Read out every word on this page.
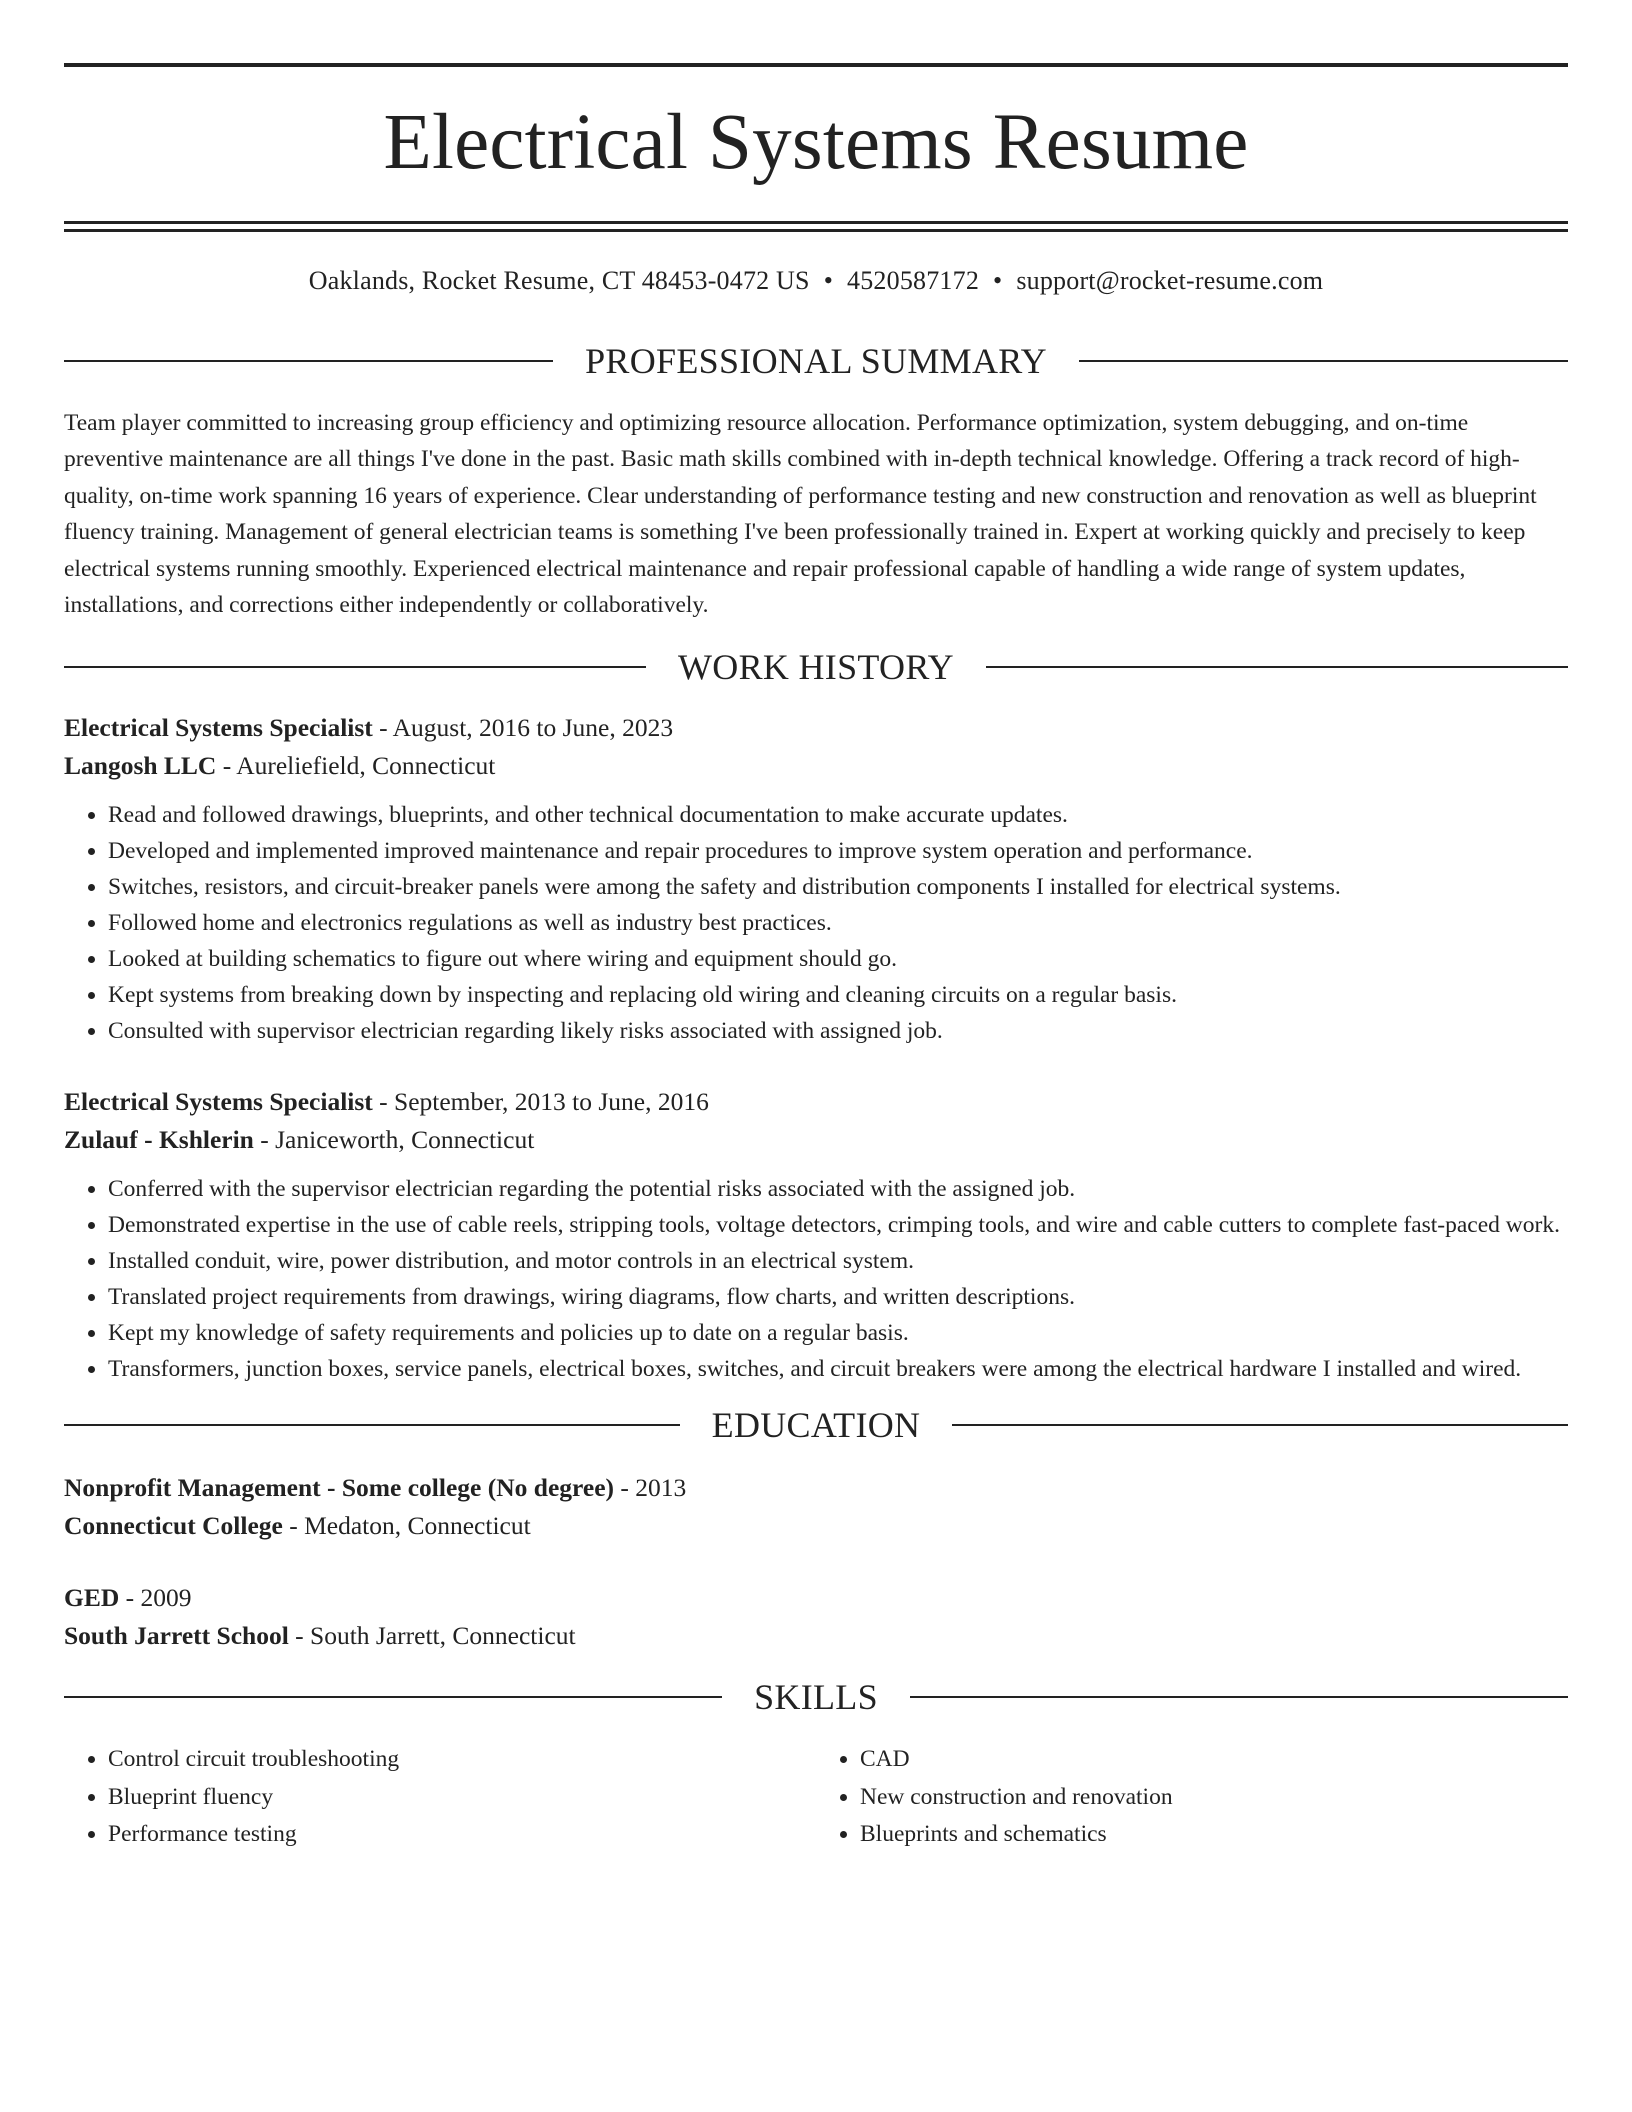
Electrical Systems Resume
Oaklands, Rocket Resume, CT 48453-0472 US • 4520587172 • support@rocket-resume.com
PROFESSIONAL SUMMARY
Team player committed to increasing group efficiency and optimizing resource allocation. Performance optimization, system debugging, and on-time preventive maintenance are all things I've done in the past. Basic math skills combined with in-depth technical knowledge. Offering a track record of high-quality, on-time work spanning 16 years of experience. Clear understanding of performance testing and new construction and renovation as well as blueprint fluency training. Management of general electrician teams is something I've been professionally trained in. Expert at working quickly and precisely to keep electrical systems running smoothly. Experienced electrical maintenance and repair professional capable of handling a wide range of system updates, installations, and corrections either independently or collaboratively.
WORK HISTORY
Electrical Systems Specialist - August, 2016 to June, 2023
Langosh LLC - Aureliefield, Connecticut
• Read and followed drawings, blueprints, and other technical documentation to make accurate updates.
• Developed and implemented improved maintenance and repair procedures to improve system operation and performance.
• Switches, resistors, and circuit-breaker panels were among the safety and distribution components I installed for electrical systems.
• Followed home and electronics regulations as well as industry best practices.
• Looked at building schematics to figure out where wiring and equipment should go.
• Kept systems from breaking down by inspecting and replacing old wiring and cleaning circuits on a regular basis.
• Consulted with supervisor electrician regarding likely risks associated with assigned job.
Electrical Systems Specialist - September, 2013 to June, 2016
Zulauf - Kshlerin - Janiceworth, Connecticut
• Conferred with the supervisor electrician regarding the potential risks associated with the assigned job.
• Demonstrated expertise in the use of cable reels, stripping tools, voltage detectors, crimping tools, and wire and cable cutters to complete fast-paced work.
• Installed conduit, wire, power distribution, and motor controls in an electrical system.
• Translated project requirements from drawings, wiring diagrams, flow charts, and written descriptions.
• Kept my knowledge of safety requirements and policies up to date on a regular basis.
• Transformers, junction boxes, service panels, electrical boxes, switches, and circuit breakers were among the electrical hardware I installed and wired.
EDUCATION
Nonprofit Management - Some college (No degree) - 2013
Connecticut College - Medaton, Connecticut
GED - 2009
South Jarrett School - South Jarrett, Connecticut
SKILLS
• Control circuit troubleshooting
• Blueprint fluency
• Performance testing
• CAD
• New construction and renovation
• Blueprints and schematics
